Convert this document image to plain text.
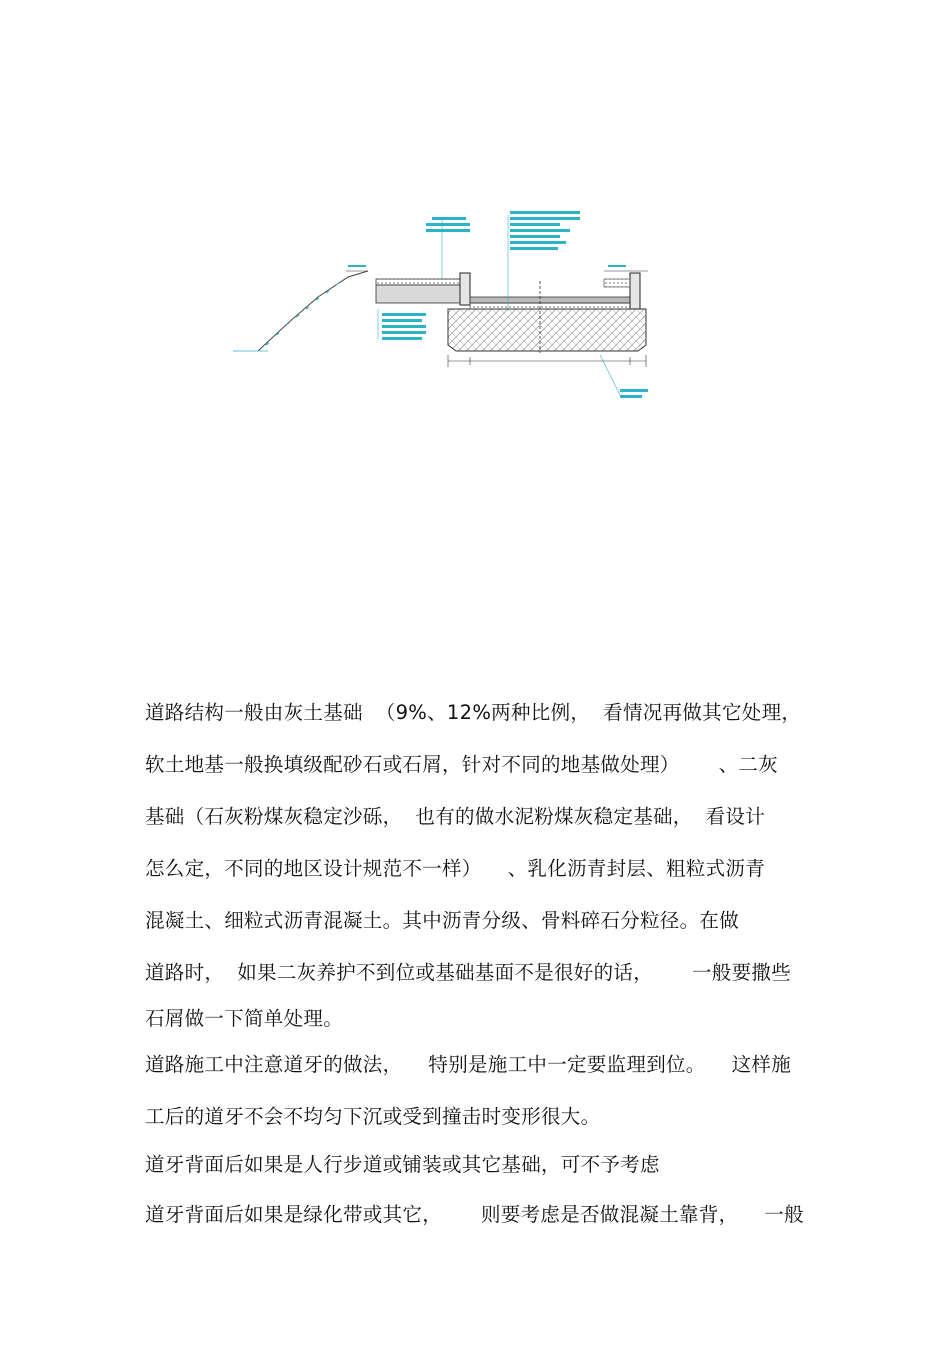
道路结构一般由灰土基础  （9%、12%两种比例，  看情况再做其它处理，
软土地基一般换填级配砂石或石屑，针对不同的地基做处理）      、二灰
基础（石灰粉煤灰稳定沙砾，  也有的做水泥粉煤灰稳定基础，  看设计
怎么定，不同的地区设计规范不一样）    、乳化沥青封层、粗粒式沥青
混凝土、细粒式沥青混凝土。其中沥青分级、骨料碎石分粒径。在做
道路时，  如果二灰养护不到位或基础基面不是很好的话，      一般要撒些
石屑做一下简单处理。
道路施工中注意道牙的做法，    特别是施工中一定要监理到位。    这样施
工后的道牙不会不均匀下沉或受到撞击时变形很大。
道牙背面后如果是人行步道或铺装或其它基础，可不予考虑
道牙背面后如果是绿化带或其它，      则要考虑是否做混凝土靠背，    一般
